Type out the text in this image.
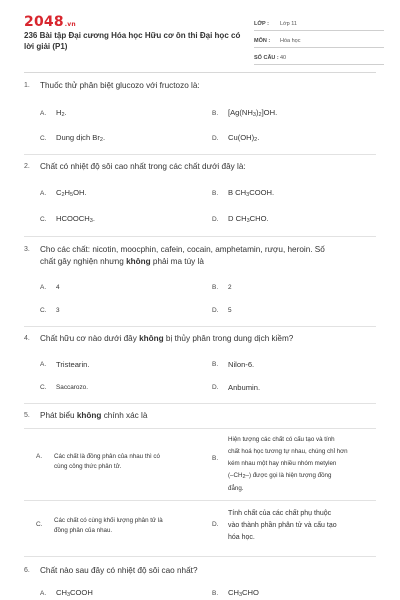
2048.vn
236 Bài tập Đại cương Hóa học Hữu cơ ôn thi Đại học có lời giải (P1)
LỚP :	Lớp 11
MÔN :	Hóa học
SỐ CÂU : 40
1. Thuốc thử phân biệt glucozo với fructozo là:
A.	$H_2$.	B.	$[Ag(NH_3)_2]OH$.
C.	Dung dịch $Br_2$.	D.	$Cu(OH)_2$.
2. Chất có nhiệt độ sôi cao nhất trong các chất dưới đây là:
A.	$C_2H_5OH$.	B.	B $CH_3COOH$.
C.	$HCOOCH_3$.	D.	D $CH_3CHO$.
3. Cho các chất: nicotin, moocphin, cafein, cocain, amphetamin, rượu, heroin. Số
chất gây nghiện nhưng không phải ma túy là
A.	4	B.	2
C.	3	D.	5
4. Chất hữu cơ nào dưới đây không bị thủy phân trong dung dịch kiềm?
A.	Tristearin.	B.	Nilon-6.
C.	Saccarozo.	D.	Anbumin.
5. Phát biểu không chính xác là
A.	Các chất là đồng phân của nhau thì có
cùng công thức phân tử.
B.
Hiện tượng các chất có cấu tạo và tính
chất hoá học tương tự nhau, chúng chỉ hơn
kém nhau một hay nhiều nhóm metylen
$(-CH_2-)$ được gọi là hiện tượng đồng
đẳng.
C.
Các chất có cùng khối lượng phân tử là
đồng phân của nhau.
D.
Tính chất của các chất phụ thuộc
vào thành phần phân tử và cấu tạo
hóa học.
6. Chất nào sau đây có nhiệt độ sôi cao nhất?
A.	$CH_3COOH$	B.	$CH_3CHO$
